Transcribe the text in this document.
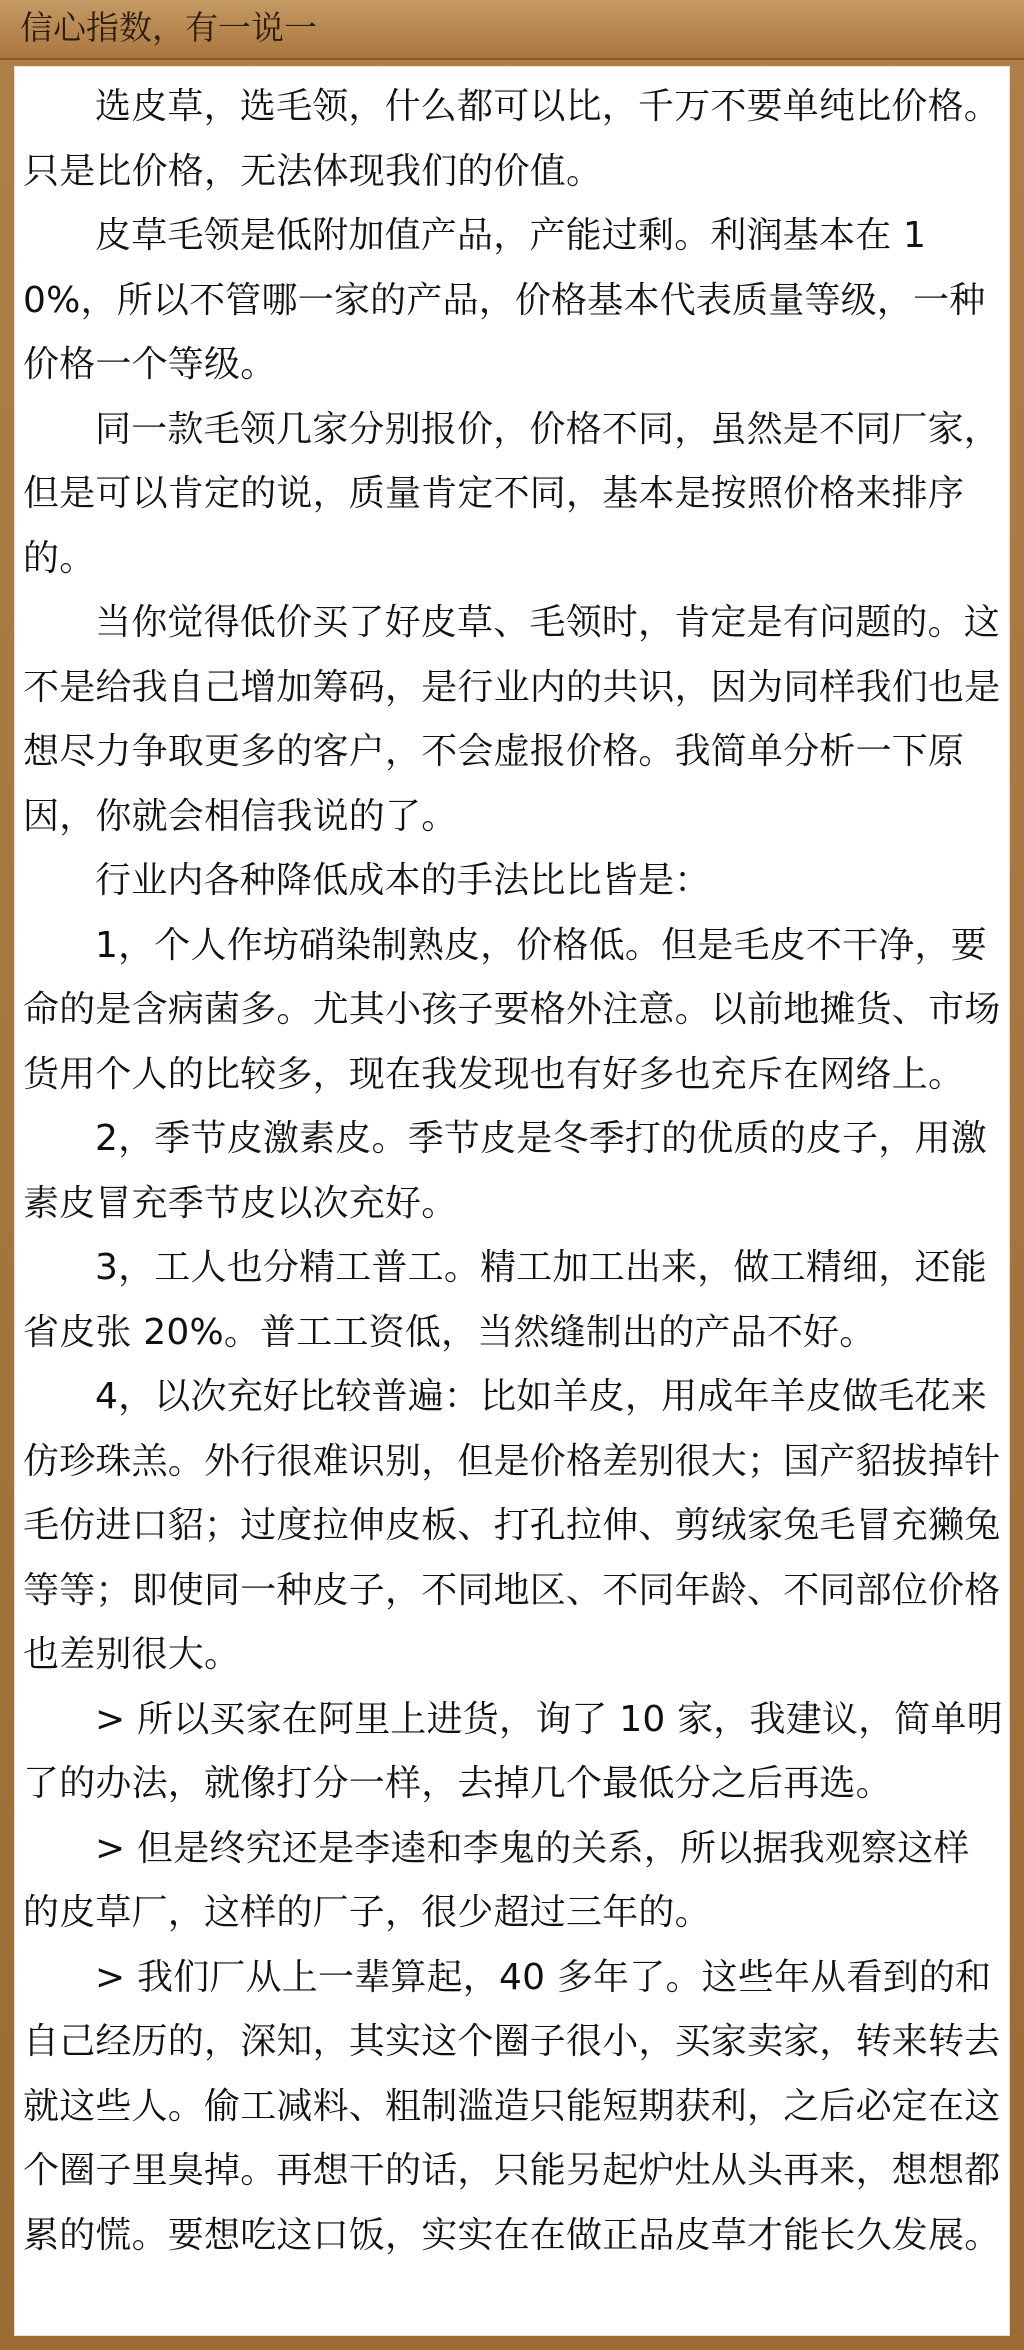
信心指数，有一说一

选皮草，选毛领，什么都可以比，千万不要单纯比价格。只是比价格，无法体现我们的价值。

皮草毛领是低附加值产品，产能过剩。利润基本在 10%，所以不管哪一家的产品，价格基本代表质量等级，一种价格一个等级。

同一款毛领几家分别报价，价格不同，虽然是不同厂家，但是可以肯定的说，质量肯定不同，基本是按照价格来排序的。

当你觉得低价买了好皮草、毛领时，肯定是有问题的。这不是给我自己增加筹码，是行业内的共识，因为同样我们也是想尽力争取更多的客户，不会虚报价格。我简单分析一下原因，你就会相信我说的了。

行业内各种降低成本的手法比比皆是：

1，个人作坊硝染制熟皮，价格低。但是毛皮不干净，要命的是含病菌多。尤其小孩子要格外注意。以前地摊货、市场货用个人的比较多，现在我发现也有好多也充斥在网络上。

2，季节皮激素皮。季节皮是冬季打的优质的皮子，用激素皮冒充季节皮以次充好。

3，工人也分精工普工。精工加工出来，做工精细，还能省皮张 20%。普工工资低，当然缝制出的产品不好。

4，以次充好比较普遍：比如羊皮，用成年羊皮做毛花来仿珍珠羔。外行很难识别，但是价格差别很大；国产貂拔掉针毛仿进口貂；过度拉伸皮板、打孔拉伸、剪绒家兔毛冒充獭兔等等；即使同一种皮子，不同地区、不同年龄、不同部位价格也差别很大。

> 所以买家在阿里上进货，询了 10 家，我建议，简单明了的办法，就像打分一样，去掉几个最低分之后再选。

> 但是终究还是李逵和李鬼的关系，所以据我观察这样的皮草厂，这样的厂子，很少超过三年的。

> 我们厂从上一辈算起，40 多年了。这些年从看到的和自己经历的，深知，其实这个圈子很小，买家卖家，转来转去就这些人。偷工减料、粗制滥造只能短期获利，之后必定在这个圈子里臭掉。再想干的话，只能另起炉灶从头再来，想想都累的慌。要想吃这口饭，实实在在做正品皮草才能长久发展。
